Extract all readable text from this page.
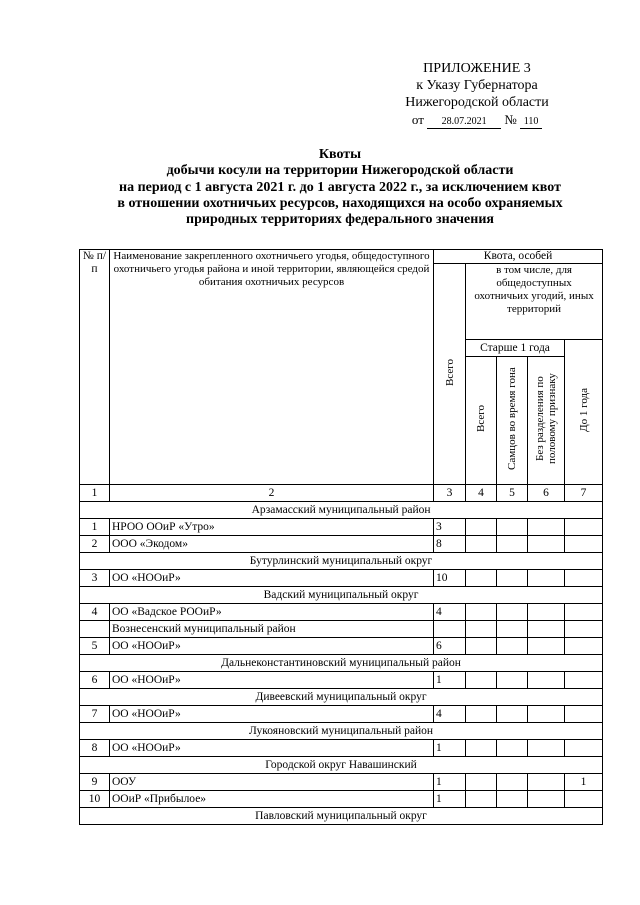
ПРИЛОЖЕНИЕ 3
к Указу Губернатора
Нижегородской области
от 28.07.2021 № 110
Квоты
добычи косули на территории Нижегородской области
на период с 1 августа 2021 г. до 1 августа 2022 г., за исключением квот
в отношении охотничьих ресурсов, находящихся на особо охраняемых
природных территориях федерального значения
№ п/п	Наименование закрепленного охотничьего угодья, общедоступного охотничьего угодья района и иной территории, являющейся средой обитания охотничьих ресурсов	Квота, особей				
		Всего	в том числе, для общедоступных охотничьих угодий, иных территорий			
			Старше 1 года			До 1 года
			Всего	Самцов во время гона	Без разделения по половому признаку	
1	2	3	4	5	6	7
Арзамасский муниципальный район						
1	НРОО ООиР «Утро»	3				
2	ООО «Экодом»	8				
Бутурлинский муниципальный округ						
3	ОО «НООиР»	10				
Вадский муниципальный округ						
4	ОО «Вадское РООиР»	4				
	Вознесенский муниципальный район					
5	ОО «НООиР»	6				
Дальнеконстантиновский муниципальный район						
6	ОО «НООиР»	1				
Дивеевский муниципальный округ						
7	ОО «НООиР»	4				
Лукояновский муниципальный район						
8	ОО «НООиР»	1				
Городской округ Навашинский						
9	ООУ	1				1
10	ООиР «Прибылое»	1				
Павловский муниципальный округ						
